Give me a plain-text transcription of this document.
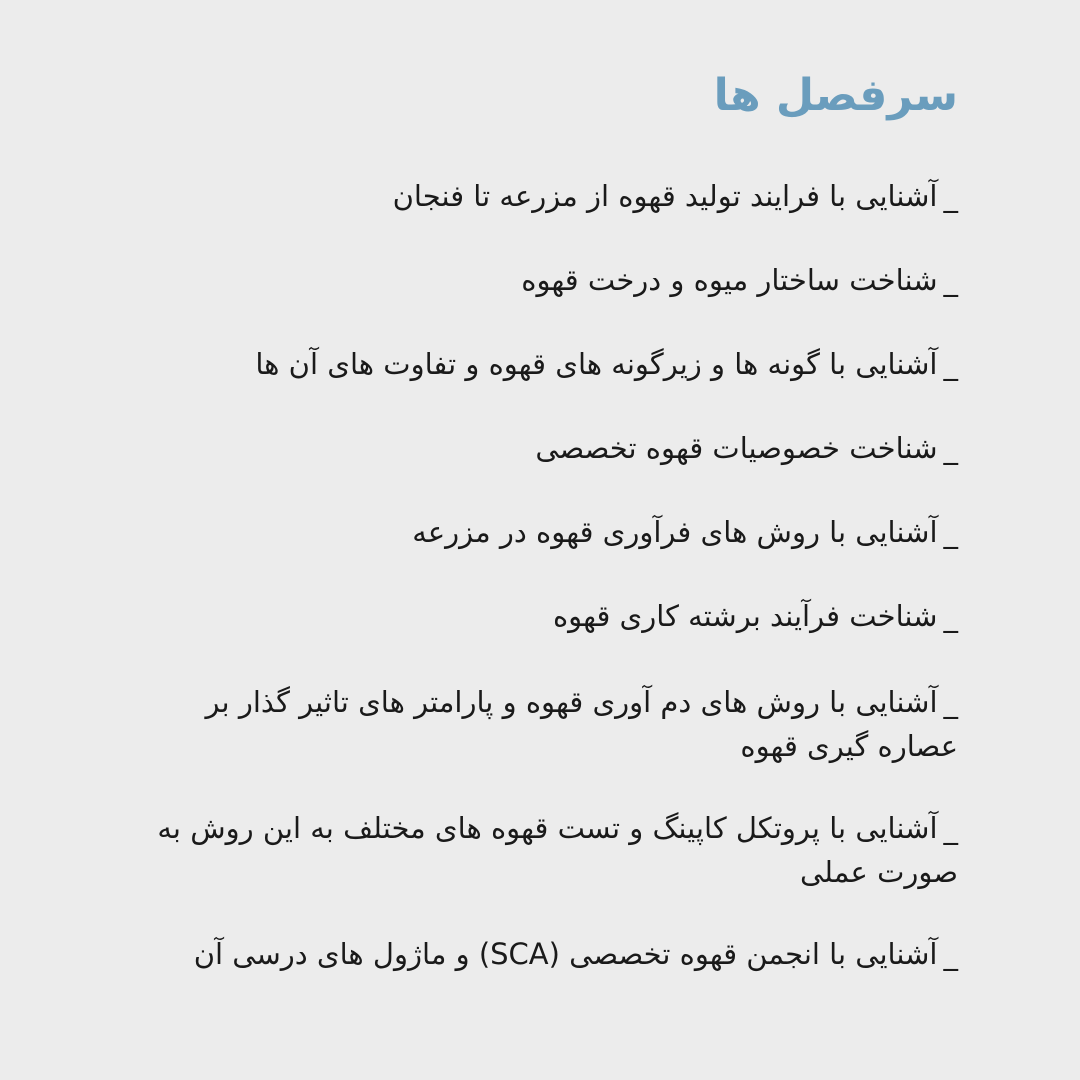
سرفصل ها
_آشنایی با فرایند تولید قهوه از مزرعه تا فنجان
_شناخت ساختار میوه و درخت قهوه
_آشنایی با گونه ها و زیرگونه های قهوه و تفاوت های آن ها
_شناخت خصوصیات قهوه تخصصی
_آشنایی با روش های فرآوری قهوه در مزرعه
_شناخت فرآیند برشته کاری قهوه
_آشنایی با روش های دم آوری قهوه و پارامتر های تاثیر گذار بر عصاره گیری قهوه
_آشنایی با پروتکل کاپینگ و تست قهوه های مختلف به این روش به صورت عملی
_آشنایی با انجمن قهوه تخصصی (SCA) و ماژول های درسی آن
